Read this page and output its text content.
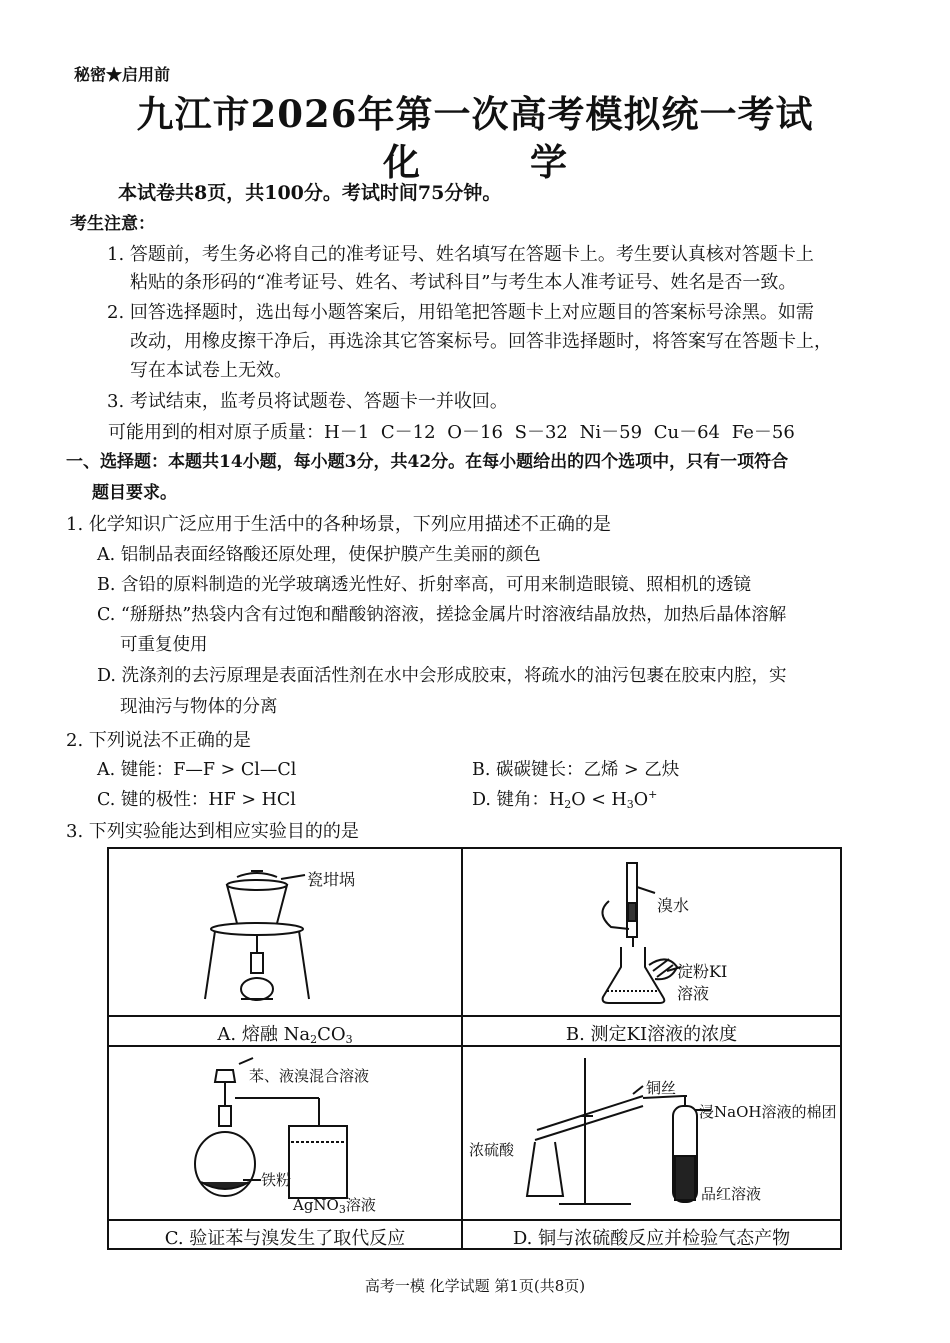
秘密★启用前
九江市2026年第一次高考模拟统一考试
化学
本试卷共8页，共100分。考试时间75分钟。
考生注意：
1. 答题前，考生务必将自己的准考证号、姓名填写在答题卡上。考生要认真核对答题卡上
粘贴的条形码的“准考证号、姓名、考试科目”与考生本人准考证号、姓名是否一致。
2. 回答选择题时，选出每小题答案后，用铅笔把答题卡上对应题目的答案标号涂黑。如需
改动，用橡皮擦干净后，再选涂其它答案标号。回答非选择题时，将答案写在答题卡上，
写在本试卷上无效。
3. 考试结束，监考员将试题卷、答题卡一并收回。
可能用到的相对原子质量：H－1 C－12 O－16 S－32 Ni－59 Cu－64 Fe－56
一、选择题：本题共14小题，每小题3分，共42分。在每小题给出的四个选项中，只有一项符合
题目要求。
1. 化学知识广泛应用于生活中的各种场景，下列应用描述不正确的是
A. 铝制品表面经铬酸还原处理，使保护膜产生美丽的颜色
B. 含铅的原料制造的光学玻璃透光性好、折射率高，可用来制造眼镜、照相机的透镜
C. “掰掰热”热袋内含有过饱和醋酸钠溶液，搓捻金属片时溶液结晶放热，加热后晶体溶解
可重复使用
D. 洗涤剂的去污原理是表面活性剂在水中会形成胶束，将疏水的油污包裹在胶束内腔，实
现油污与物体的分离
2. 下列说法不正确的是
A. 键能：F—F > Cl—Cl	B. 碳碳键长：乙烯 > 乙炔
C. 键的极性：HF > HCl	D. 键角：$H_2O < H_3O^+$
3. 下列实验能达到相应实验目的的是
瓷坩埚
溴水
淀粉KI
溶液
A. 熔融 $Na_2CO_3$	B. 测定KI溶液的浓度
苯、液溴混合溶液
铁粉
AgNO$_3$溶液
铜丝
浸NaOH溶液的棉团
浓硫酸
品红溶液
C. 验证苯与溴发生了取代反应	D. 铜与浓硫酸反应并检验气态产物
高考一模 化学试题 第1页(共8页)
